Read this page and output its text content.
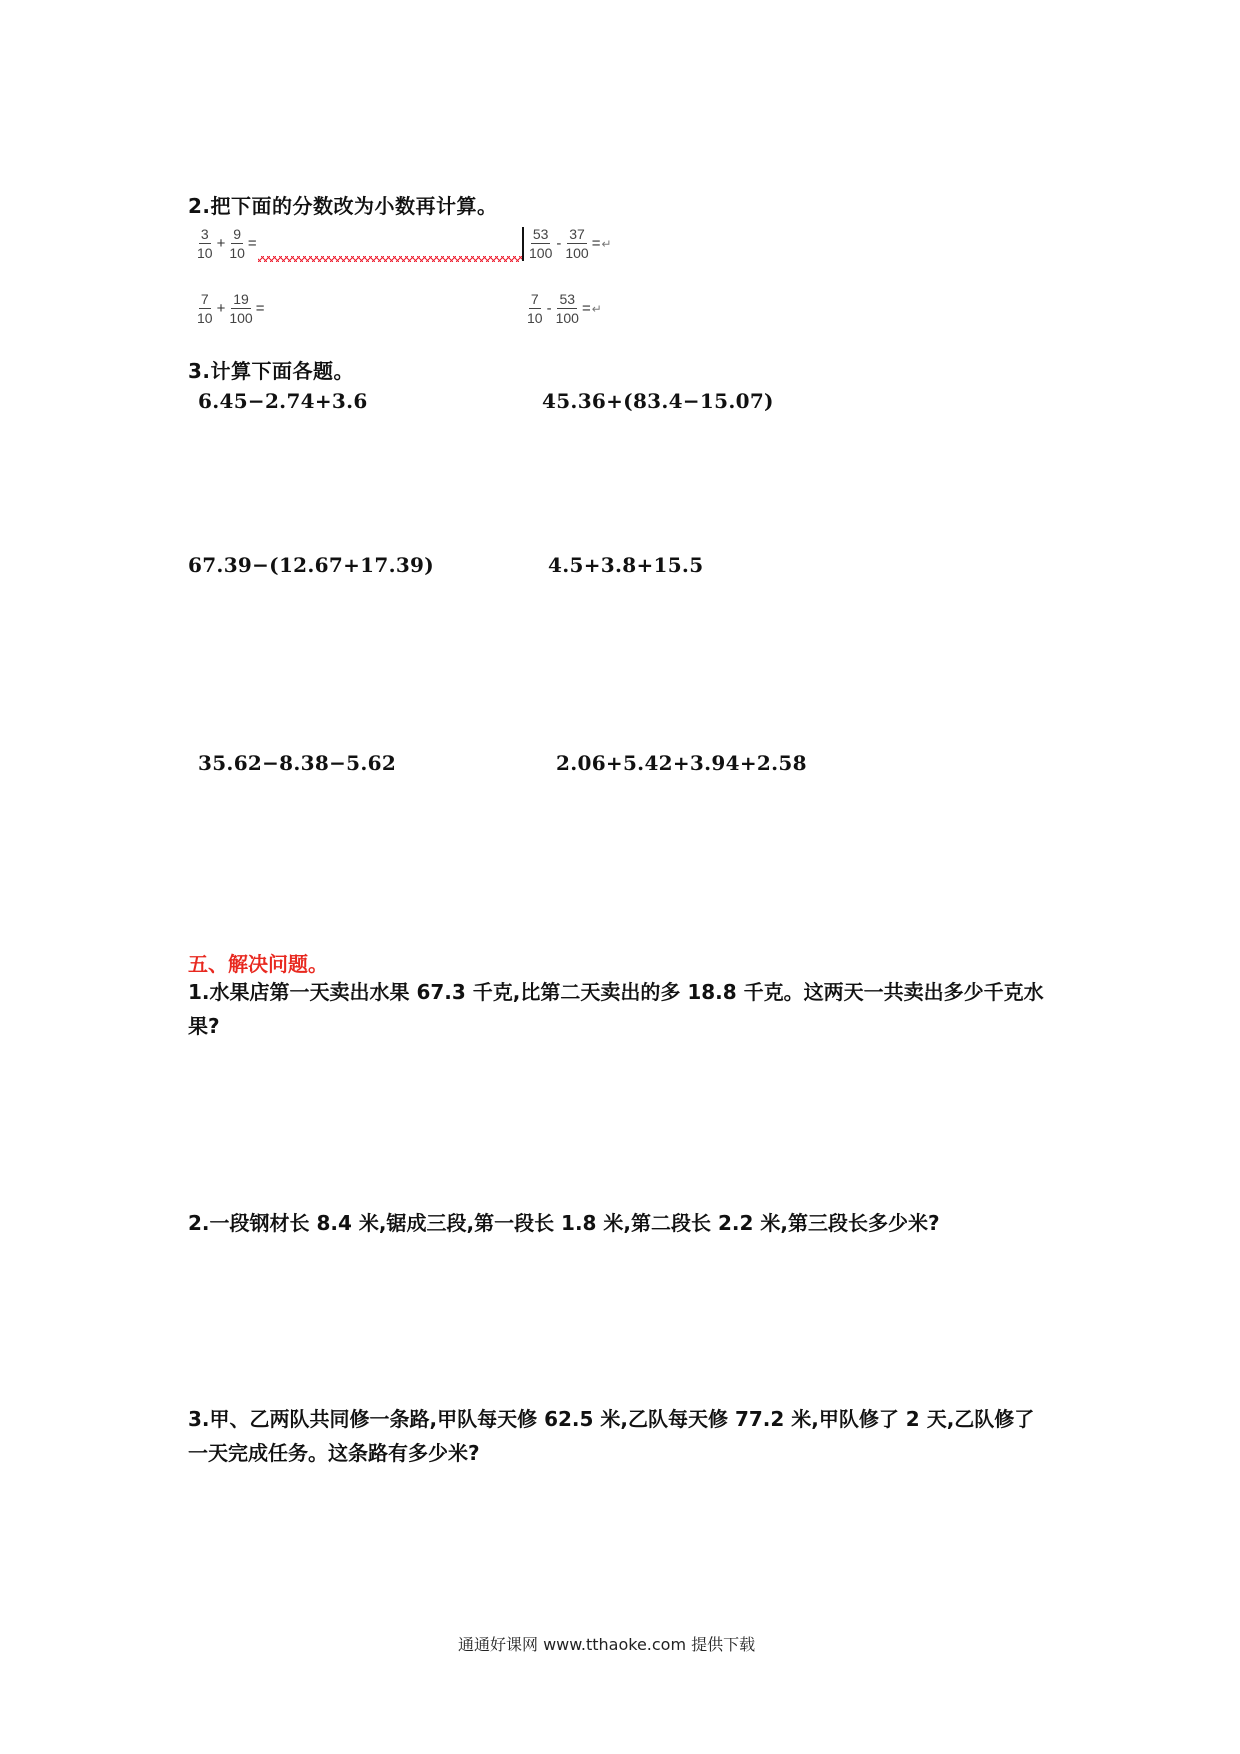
2.把下面的分数改为小数再计算。
$\frac{3}{10} + \frac{9}{10}$ =	$\frac{53}{100} - \frac{37}{100}$ = ↵
$\frac{7}{10} + \frac{19}{100}$ =	$\frac{7}{10} - \frac{53}{100}$ = ↵
3.计算下面各题。
6.45−2.74+3.6	45.36+(83.4−15.07)
67.39−(12.67+17.39)	4.5+3.8+15.5
35.62−8.38−5.62	2.06+5.42+3.94+2.58
五、解决问题。
1.水果店第一天卖出水果 67.3 千克,比第二天卖出的多 18.8 千克。这两天一共卖出多少千克水果?
2.一段钢材长 8.4 米,锯成三段,第一段长 1.8 米,第二段长 2.2 米,第三段长多少米?
3.甲、乙两队共同修一条路,甲队每天修 62.5 米,乙队每天修 77.2 米,甲队修了 2 天,乙队修了一天完成任务。这条路有多少米?
通通好课网 www.tthaoke.com 提供下载
